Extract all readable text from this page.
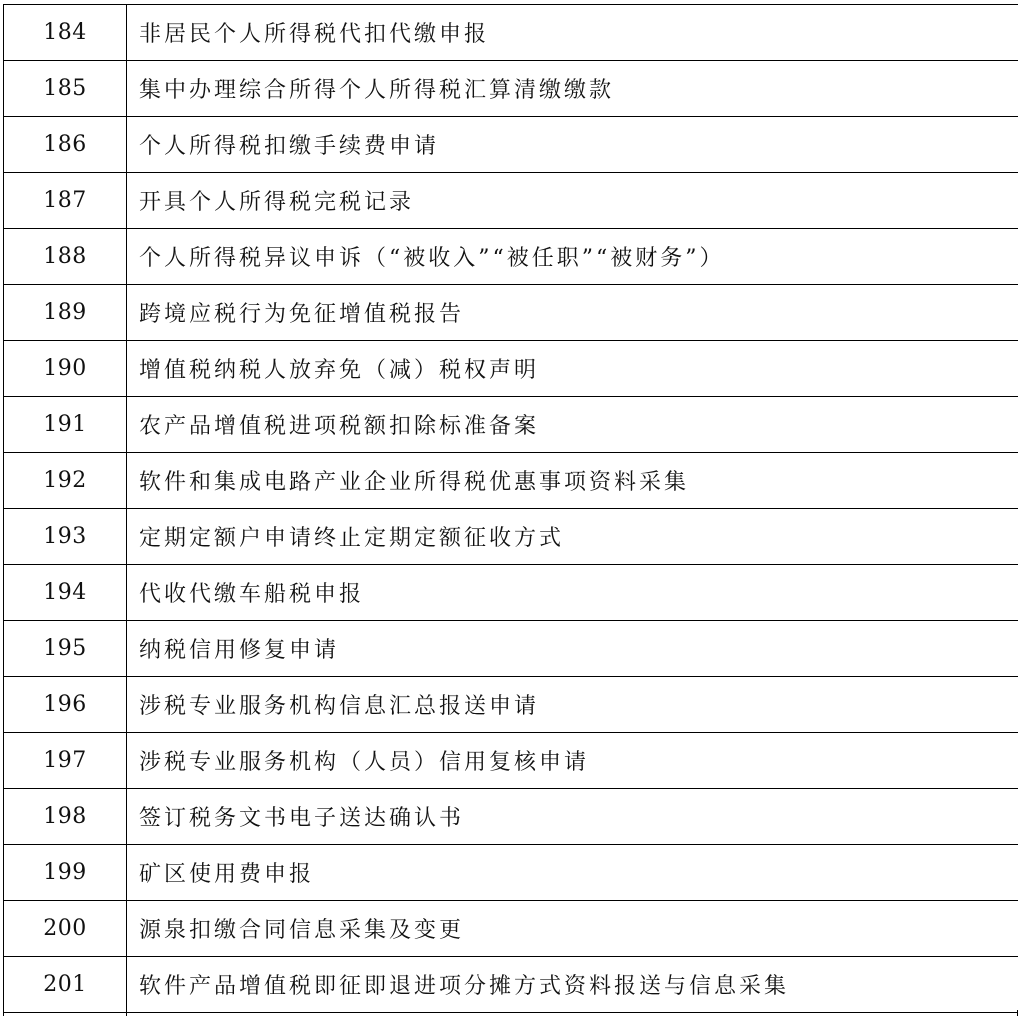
184	非居民个人所得税代扣代缴申报
185	集中办理综合所得个人所得税汇算清缴缴款
186	个人所得税扣缴手续费申请
187	开具个人所得税完税记录
188	个人所得税异议申诉（“被收入”“被任职”“被财务”）
189	跨境应税行为免征增值税报告
190	增值税纳税人放弃免（减）税权声明
191	农产品增值税进项税额扣除标准备案
192	软件和集成电路产业企业所得税优惠事项资料采集
193	定期定额户申请终止定期定额征收方式
194	代收代缴车船税申报
195	纳税信用修复申请
196	涉税专业服务机构信息汇总报送申请
197	涉税专业服务机构（人员）信用复核申请
198	签订税务文书电子送达确认书
199	矿区使用费申报
200	源泉扣缴合同信息采集及变更
201	软件产品增值税即征即退进项分摊方式资料报送与信息采集
